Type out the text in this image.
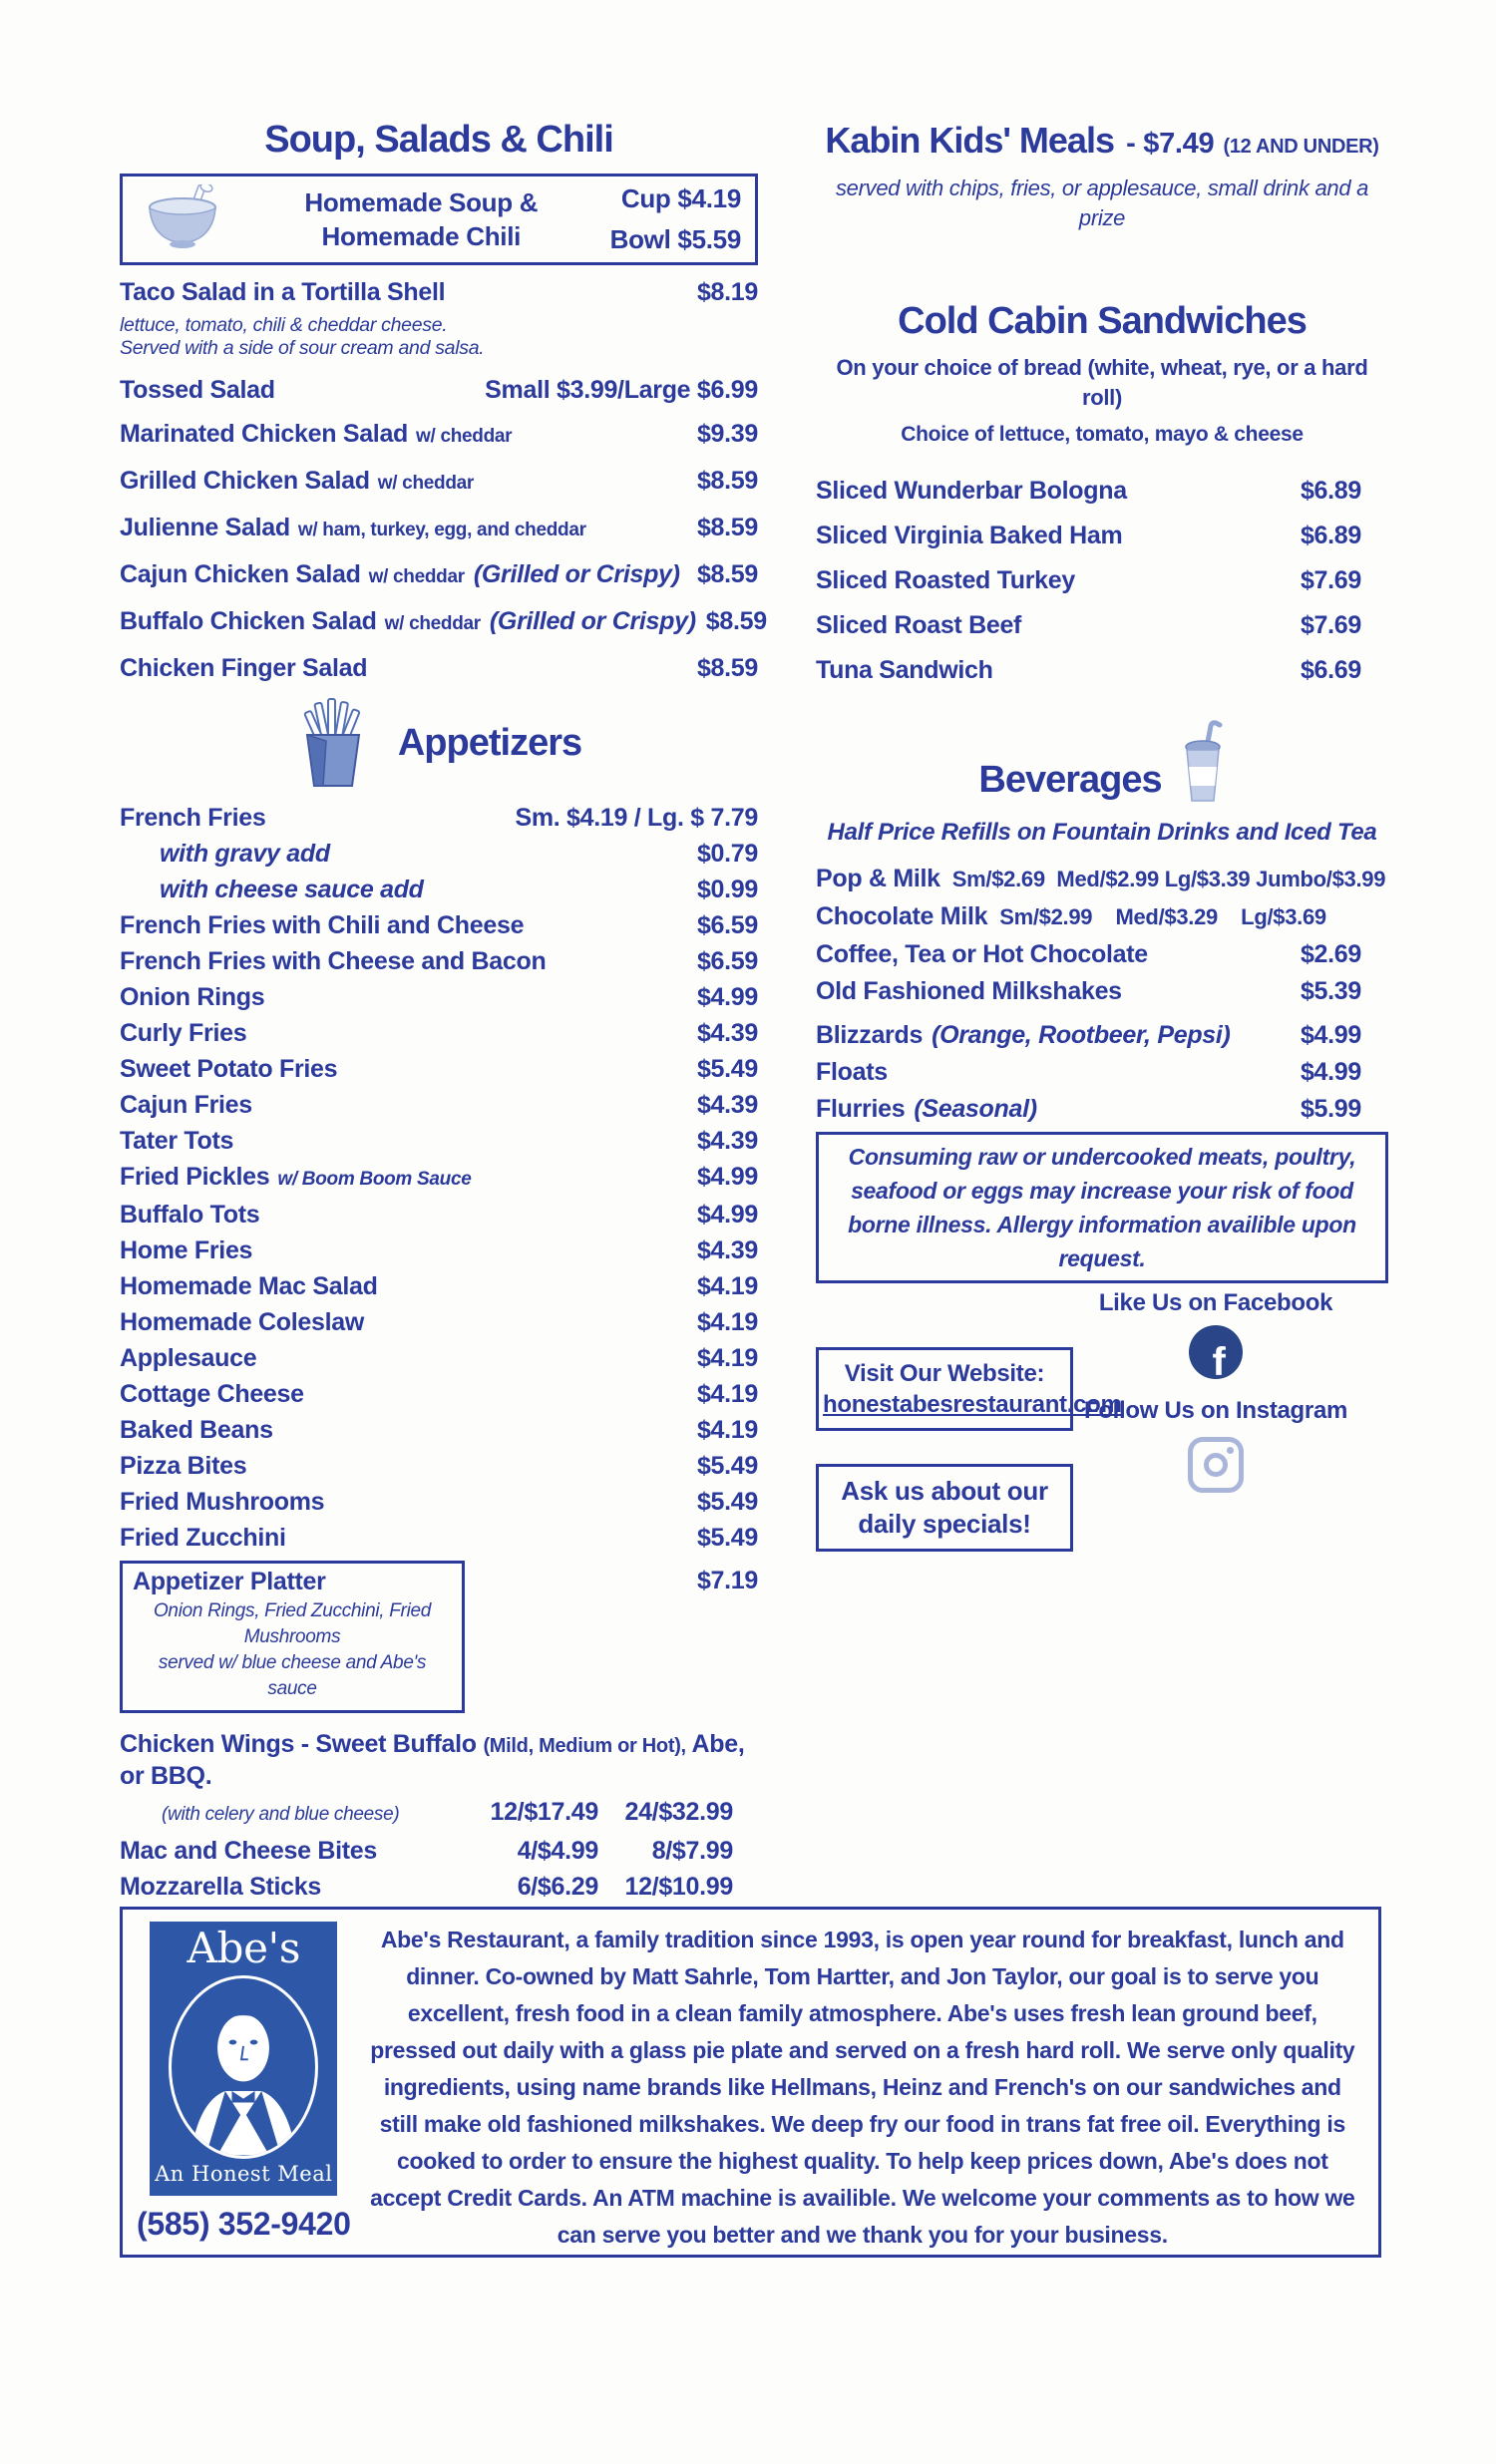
Soup, Salads & Chili
Homemade Soup &
Homemade Chili
Cup $4.19
Bowl $5.59
Taco Salad in a Tortilla Shell	$8.19
lettuce, tomato, chili & cheddar cheese.
Served with a side of sour cream and salsa.
Tossed Salad	Small $3.99/Large $6.99
Marinated Chicken Salad w/ cheddar	$9.39
Grilled Chicken Salad w/ cheddar	$8.59
Julienne Salad w/ ham, turkey, egg, and cheddar	$8.59
Cajun Chicken Salad w/ cheddar (Grilled or Crispy) $8.59
Buffalo Chicken Salad w/ cheddar (Grilled or Crispy) $8.59
Chicken Finger Salad	$8.59
Appetizers
French Fries	Sm. $4.19 / Lg. $ 7.79
with gravy add	$0.79
with cheese sauce add	$0.99
French Fries with Chili and Cheese	$6.59
French Fries with Cheese and Bacon	$6.59
Onion Rings	$4.99
Curly Fries	$4.39
Sweet Potato Fries	$5.49
Cajun Fries	$4.39
Tater Tots	$4.39
Fried Pickles w/ Boom Boom Sauce	$4.99
Buffalo Tots	$4.99
Home Fries	$4.39
Homemade Mac Salad	$4.19
Homemade Coleslaw	$4.19
Applesauce	$4.19
Cottage Cheese	$4.19
Baked Beans	$4.19
Pizza Bites	$5.49
Fried Mushrooms	$5.49
Fried Zucchini	$5.49
Appetizer Platter
Onion Rings, Fried Zucchini, Fried Mushrooms
served w/ blue cheese and Abe's sauce
$7.19
Chicken Wings - Sweet Buffalo (Mild, Medium or Hot), Abe, or BBQ.
(with celery and blue cheese)	12/$17.49	24/$32.99
Mac and Cheese Bites	4/$4.99	8/$7.99
Mozzarella Sticks	6/$6.29	12/$10.99
Kabin Kids' Meals - $7.49 (12 AND UNDER)
served with chips, fries, or applesauce, small drink and a prize
Cold Cabin Sandwiches
On your choice of bread (white, wheat, rye, or a hard roll)
Choice of lettuce, tomato, mayo & cheese
Sliced Wunderbar Bologna	$6.89
Sliced Virginia Baked Ham	$6.89
Sliced Roasted Turkey	$7.69
Sliced Roast Beef	$7.69
Tuna Sandwich	$6.69
Beverages
Half Price Refills on Fountain Drinks and Iced Tea
Pop & Milk Sm/$2.69  Med/$2.99 Lg/$3.39 Jumbo/$3.99
Chocolate Milk Sm/$2.99    Med/$3.29    Lg/$3.69
Coffee, Tea or Hot Chocolate	$2.69
Old Fashioned Milkshakes	$5.39
Blizzards (Orange, Rootbeer, Pepsi)	$4.99
Floats	$4.99
Flurries (Seasonal)	$5.99
Consuming raw or undercooked meats, poultry, seafood or eggs may increase your risk of food borne illness. Allergy information availible upon request.
Visit Our Website:
honestabesrestaurant.com
Ask us about our
daily specials!
Like Us on Facebook
f
Follow Us on Instagram
Abe's
An Honest Meal
(585) 352-9420
Abe's Restaurant, a family tradition since 1993, is open year round for breakfast, lunch and dinner. Co-owned by Matt Sahrle, Tom Hartter, and Jon Taylor, our goal is to serve you excellent, fresh food in a clean family atmosphere. Abe's uses fresh lean ground beef, pressed out daily with a glass pie plate and served on a fresh hard roll. We serve only quality ingredients, using name brands like Hellmans, Heinz and French's on our sandwiches and still make old fashioned milkshakes. We deep fry our food in trans fat free oil. Everything is cooked to order to ensure the highest quality. To help keep prices down, Abe's does not accept Credit Cards. An ATM machine is availible. We welcome your comments as to how we can serve you better and we thank you for your business.
